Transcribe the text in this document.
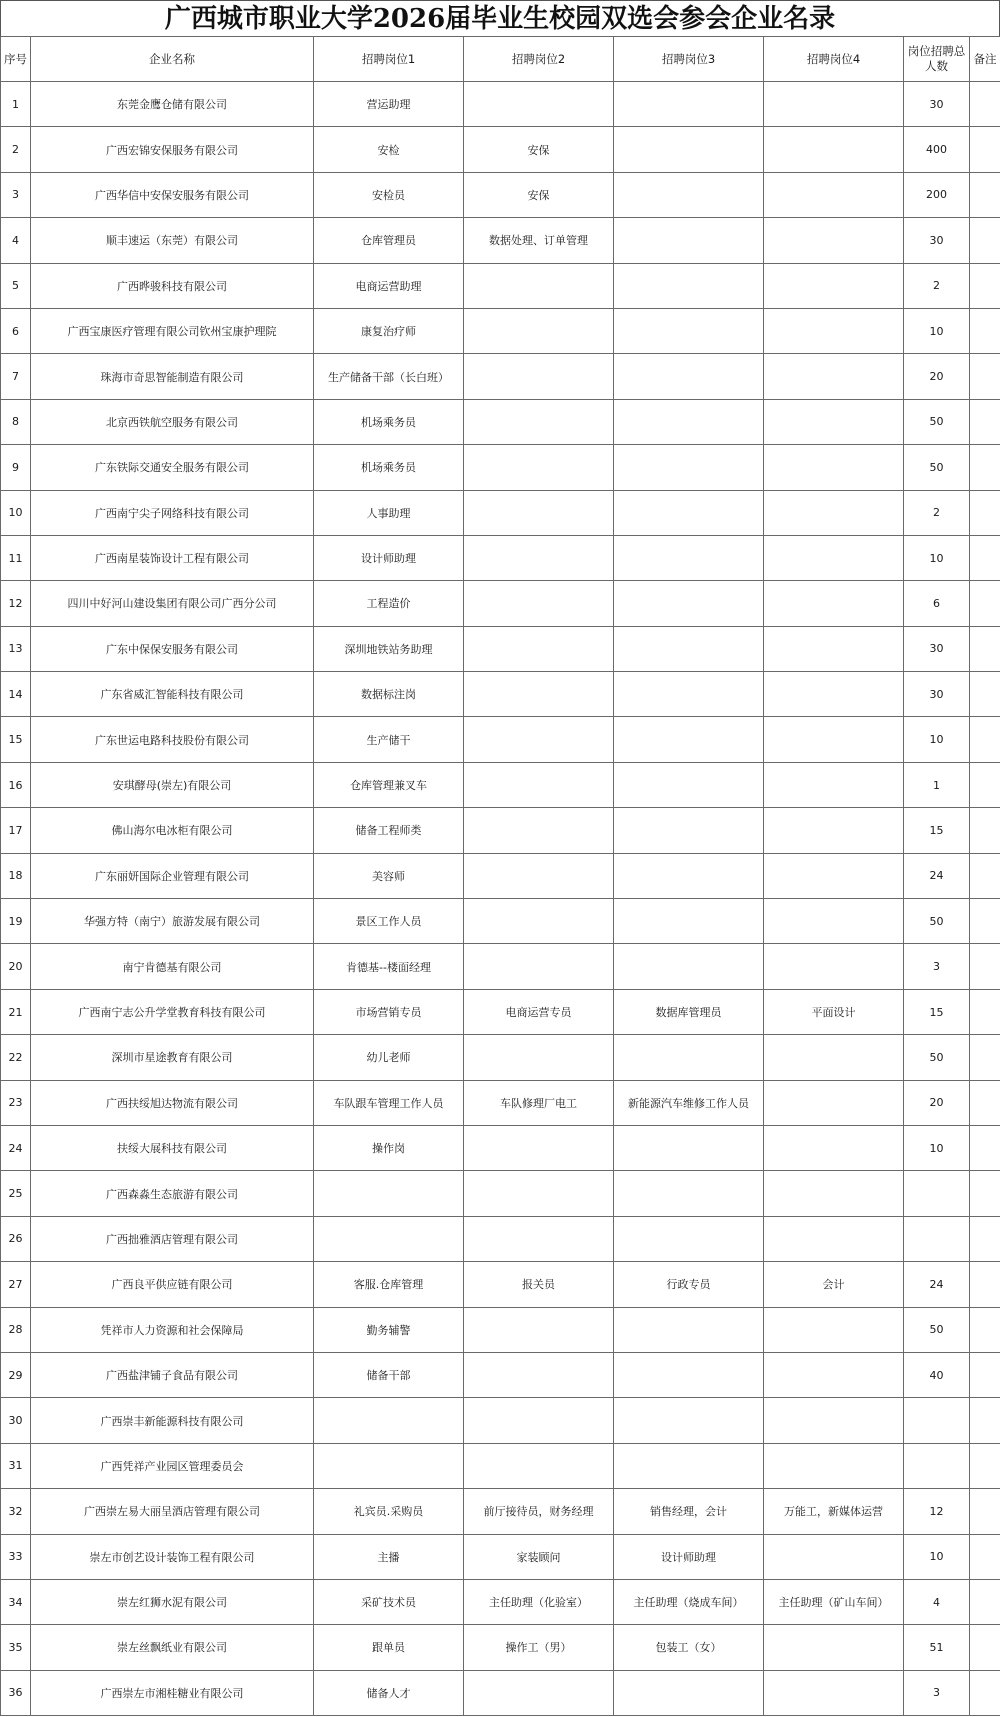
广西城市职业大学2026届毕业生校园双选会参会企业名录
序号	企业名称	招聘岗位1	招聘岗位2	招聘岗位3	招聘岗位4	岗位招聘总人数	备注
1	东莞金鹰仓储有限公司	营运助理				30	
2	广西宏锦安保服务有限公司	安检	安保			400	
3	广西华信中安保安服务有限公司	安检员	安保			200	
4	顺丰速运（东莞）有限公司	仓库管理员	数据处理、订单管理			30	
5	广西晔骏科技有限公司	电商运营助理				2	
6	广西宝康医疗管理有限公司钦州宝康护理院	康复治疗师				10	
7	珠海市奇思智能制造有限公司	生产储备干部（长白班）				20	
8	北京西铁航空服务有限公司	机场乘务员				50	
9	广东铁际交通安全服务有限公司	机场乘务员				50	
10	广西南宁尖子网络科技有限公司	人事助理				2	
11	广西南星装饰设计工程有限公司	设计师助理				10	
12	四川中好河山建设集团有限公司广西分公司	工程造价				6	
13	广东中保保安服务有限公司	深圳地铁站务助理				30	
14	广东省威汇智能科技有限公司	数据标注岗				30	
15	广东世运电路科技股份有限公司	生产储干				10	
16	安琪酵母(崇左)有限公司	仓库管理兼叉车				1	
17	佛山海尔电冰柜有限公司	储备工程师类				15	
18	广东丽妍国际企业管理有限公司	美容师				24	
19	华强方特（南宁）旅游发展有限公司	景区工作人员				50	
20	南宁肯德基有限公司	肯德基--楼面经理				3	
21	广西南宁志公升学堂教育科技有限公司	市场营销专员	电商运营专员	数据库管理员	平面设计	15	
22	深圳市星途教育有限公司	幼儿老师				50	
23	广西扶绥旭达物流有限公司	车队跟车管理工作人员	车队修理厂电工	新能源汽车维修工作人员		20	
24	扶绥大展科技有限公司	操作岗				10	
25	广西森淼生态旅游有限公司						
26	广西拙雅酒店管理有限公司						
27	广西良平供应链有限公司	客服.仓库管理	报关员	行政专员	会计	24	
28	凭祥市人力资源和社会保障局	勤务辅警				50	
29	广西盐津铺子食品有限公司	储备干部				40	
30	广西崇丰新能源科技有限公司						
31	广西凭祥产业园区管理委员会						
32	广西崇左易大丽呈酒店管理有限公司	礼宾员.采购员	前厅接待员，财务经理	销售经理，会计	万能工，新媒体运营	12	
33	崇左市创艺设计装饰工程有限公司	主播	家装顾问	设计师助理		10	
34	崇左红狮水泥有限公司	采矿技术员	主任助理（化验室）	主任助理（烧成车间）	主任助理（矿山车间）	4	
35	崇左丝飘纸业有限公司	跟单员	操作工（男）	包装工（女）		51	
36	广西崇左市湘桂糖业有限公司	储备人才				3	
